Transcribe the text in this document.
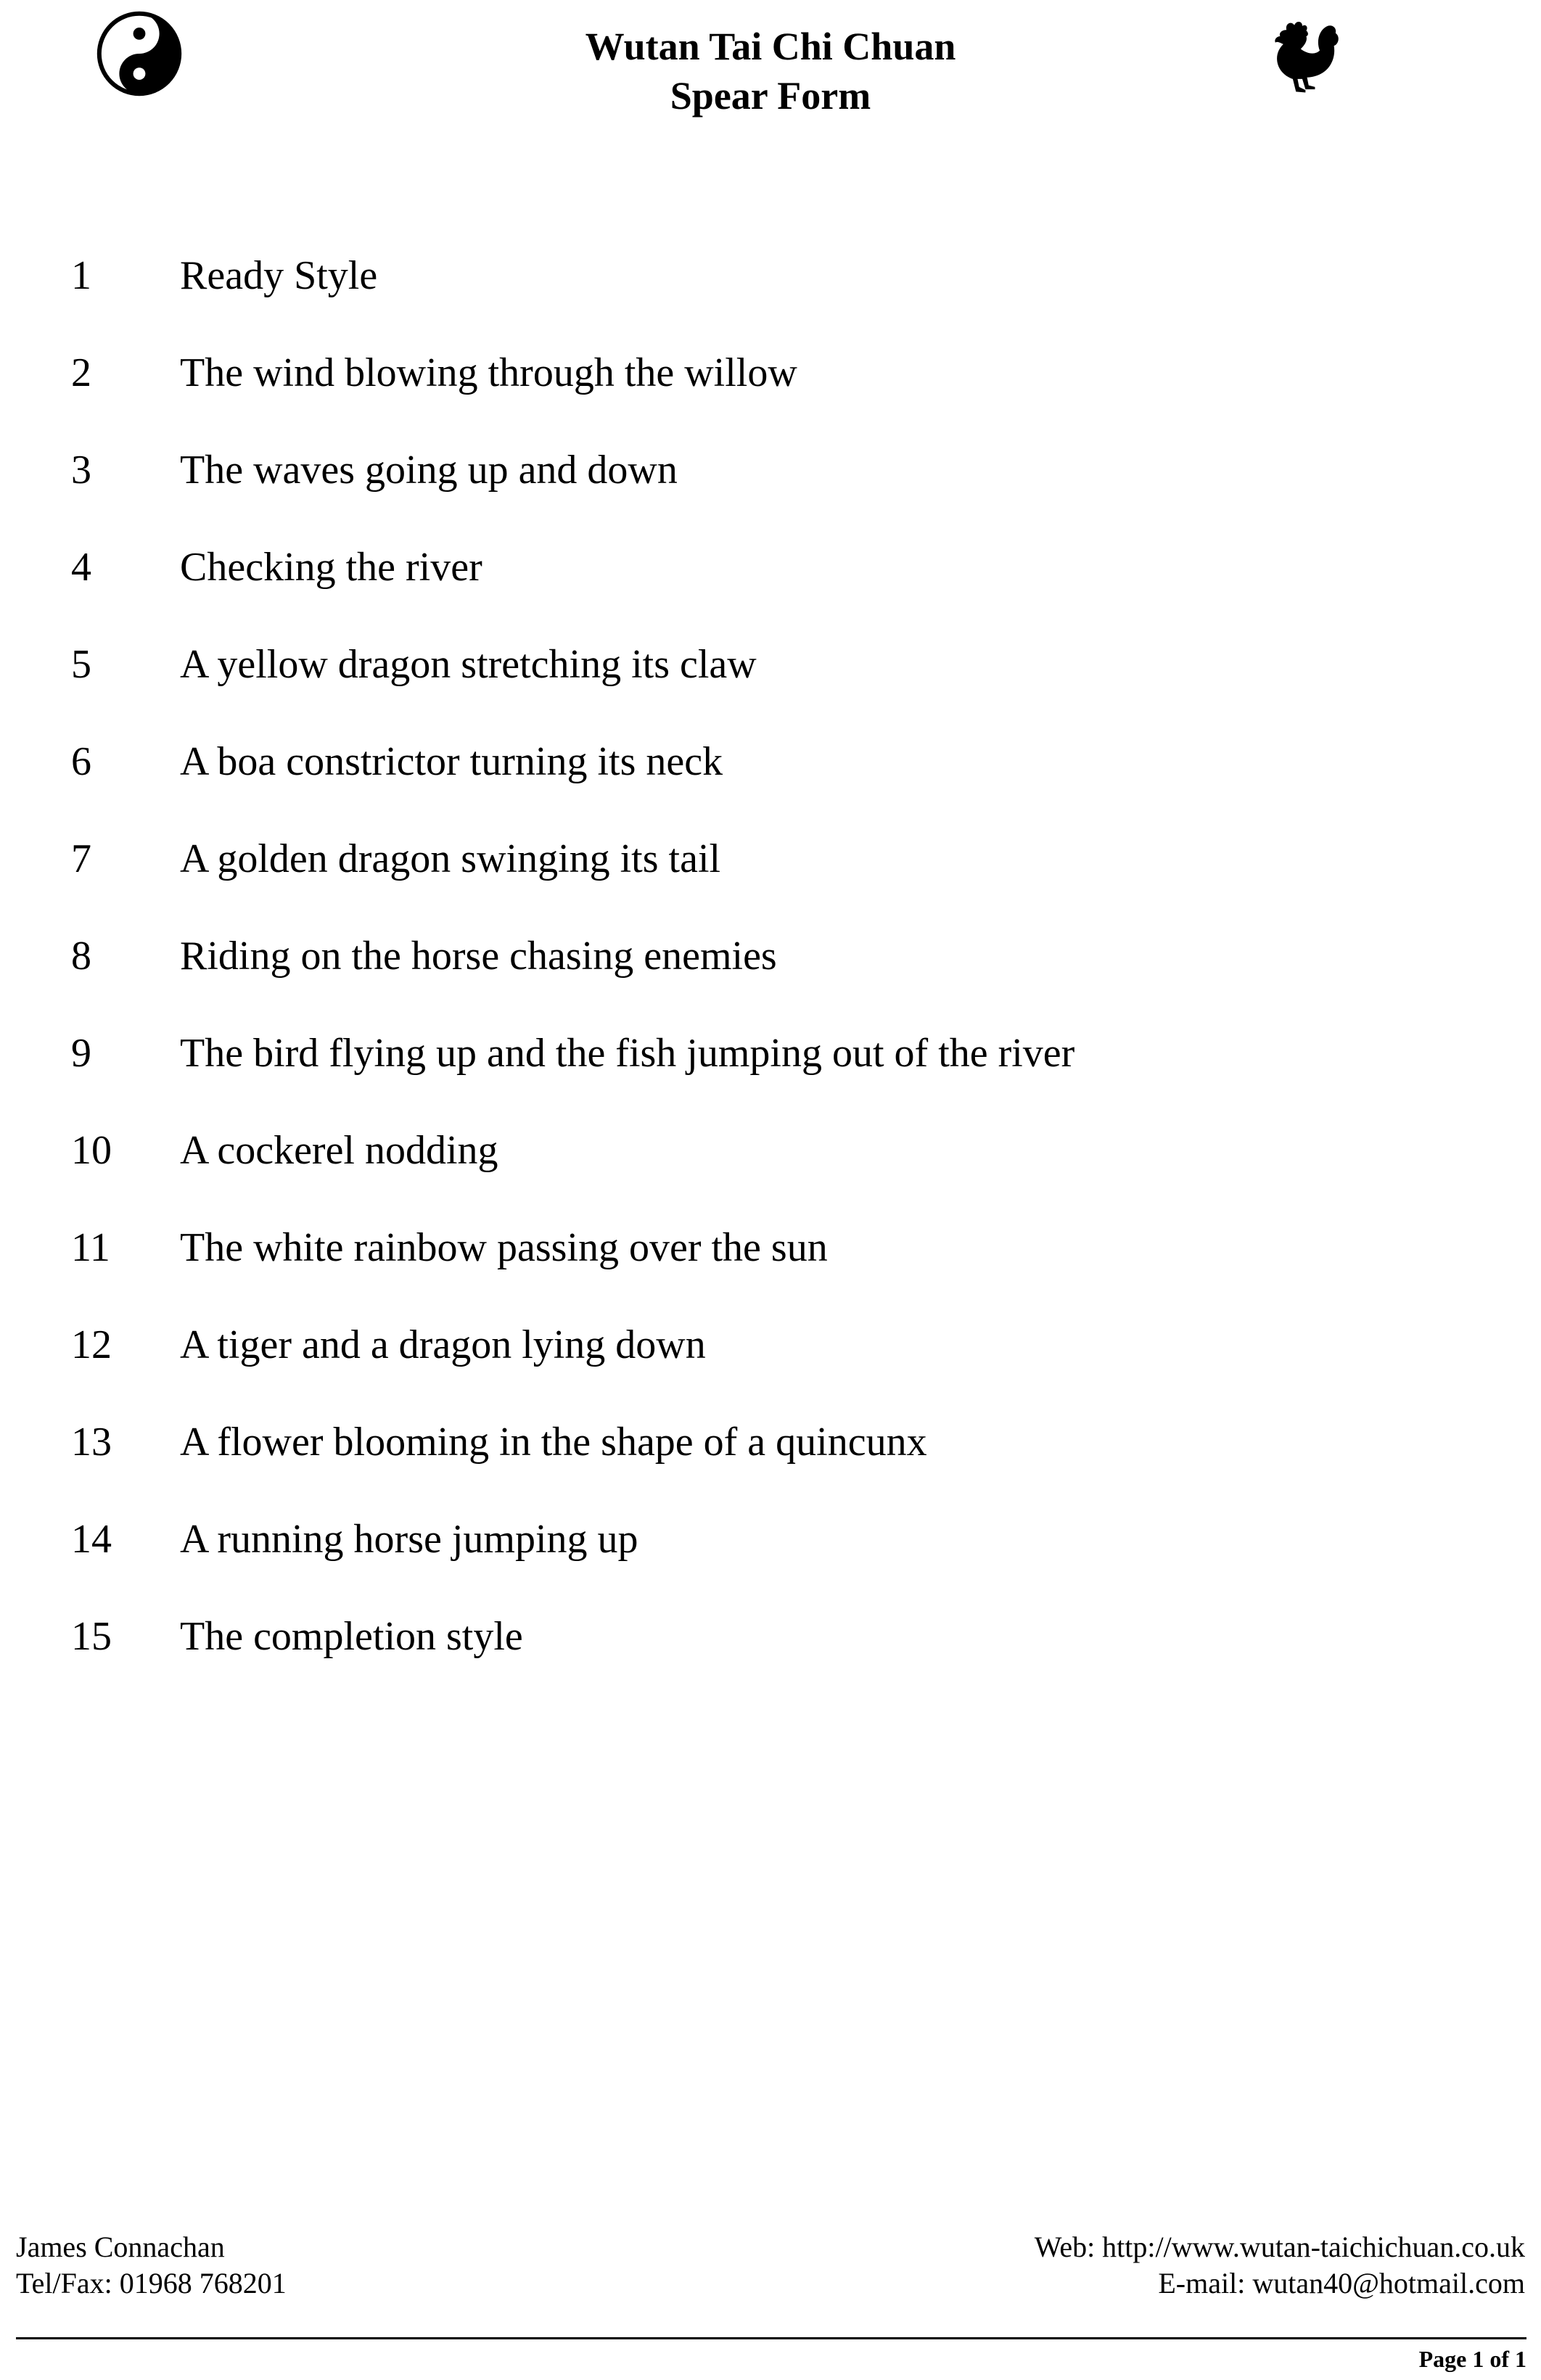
Wutan Tai Chi Chuan
Spear Form
1 Ready Style
2 The wind blowing through the willow
3 The waves going up and down
4 Checking the river
5 A yellow dragon stretching its claw
6 A boa constrictor turning its neck
7 A golden dragon swinging its tail
8 Riding on the horse chasing enemies
9 The bird flying up and the fish jumping out of the river
10 A cockerel nodding
11 The white rainbow passing over the sun
12 A tiger and a dragon lying down
13 A flower blooming in the shape of a quincunx
14 A running horse jumping up
15 The completion style
James Connachan
Tel/Fax: 01968 768201
Web: http://www.wutan-taichichuan.co.uk
E-mail: wutan40@hotmail.com
Page 1 of 1
